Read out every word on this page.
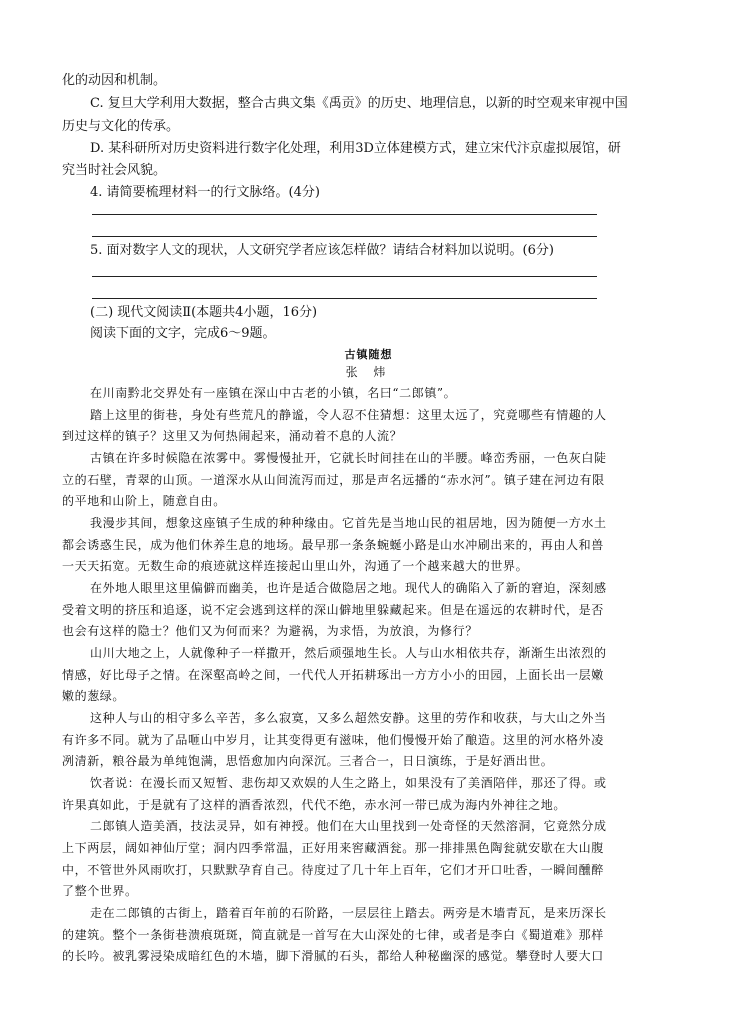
化的动因和机制。
C. 复旦大学利用大数据，整合古典文集《禹贡》的历史、地理信息，以新的时空观来审视中国
历史与文化的传承。
D. 某科研所对历史资料进行数字化处理，利用3D立体建模方式，建立宋代汴京虚拟展馆，研
究当时社会风貌。
4. 请简要梳理材料一的行文脉络。(4分)
5. 面对数字人文的现状，人文研究学者应该怎样做？请结合材料加以说明。(6分)
(二) 现代文阅读Ⅱ(本题共4小题，16分)
阅读下面的文字，完成6～9题。
古镇随想
张 炜
在川南黔北交界处有一座镇在深山中古老的小镇，名曰“二郎镇”。
踏上这里的街巷，身处有些荒凡的静谧，令人忍不住猜想：这里太远了，究竟哪些有情趣的人
到过这样的镇子？这里又为何热闹起来，涌动着不息的人流？
古镇在许多时候隐在浓雾中。雾慢慢扯开，它就长时间挂在山的半腰。峰峦秀丽，一色灰白陡
立的石壁，青翠的山顶。一道深水从山间流泻而过，那是声名远播的“赤水河”。镇子建在河边有限
的平地和山阶上，随意自由。
我漫步其间，想象这座镇子生成的种种缘由。它首先是当地山民的祖居地，因为随便一方水土
都会诱惑生民，成为他们休养生息的地场。最早那一条条蜿蜒小路是山水冲刷出来的，再由人和兽
一天天拓宽。无数生命的痕迹就这样连接起山里山外，沟通了一个越来越大的世界。
在外地人眼里这里偏僻而幽美，也许是适合做隐居之地。现代人的确陷入了新的窘迫，深刻感
受着文明的挤压和追逐，说不定会逃到这样的深山僻地里躲藏起来。但是在遥远的农耕时代，是否
也会有这样的隐士？他们又为何而来？为避祸，为求悟，为放浪，为修行？
山川大地之上，人就像种子一样撒开，然后顽强地生长。人与山水相依共存，渐渐生出浓烈的
情感，好比母子之情。在深壑高岭之间，一代代人开拓耕琢出一方方小小的田园，上面长出一层嫩
嫩的葱绿。
这种人与山的相守多么辛苦，多么寂寞，又多么超然安静。这里的劳作和收获，与大山之外当
有许多不同。就为了品咂山中岁月，让其变得更有滋味，他们慢慢开始了酿造。这里的河水格外凌
冽清新，粮谷最为单纯饱满，思悟愈加内向深沉。三者合一，日日演练，于是好酒出世。
饮者说：在漫长而又短暂、悲伤却又欢娱的人生之路上，如果没有了美酒陪伴，那还了得。或
许果真如此，于是就有了这样的酒香浓烈，代代不绝，赤水河一带已成为海内外神往之地。
二郎镇人造美酒，技法灵异，如有神授。他们在大山里找到一处奇怪的天然溶洞，它竟然分成
上下两层，阔如神仙厅堂；洞内四季常温，正好用来窖藏酒瓮。那一排排黑色陶瓮就安歇在大山腹
中，不管世外风雨吹打，只默默孕育自己。待度过了几十年上百年，它们才开口吐香，一瞬间醺醉
了整个世界。
走在二郎镇的古街上，踏着百年前的石阶路，一层层往上踏去。两旁是木墙青瓦，是来历深长
的建筑。整个一条街巷溃痕斑斑，简直就是一首写在大山深处的七律，或者是李白《蜀道难》那样
的长吟。被乳雾浸染成暗红色的木墙，脚下滑腻的石头，都给人种秘幽深的感觉。攀登时人要大口
